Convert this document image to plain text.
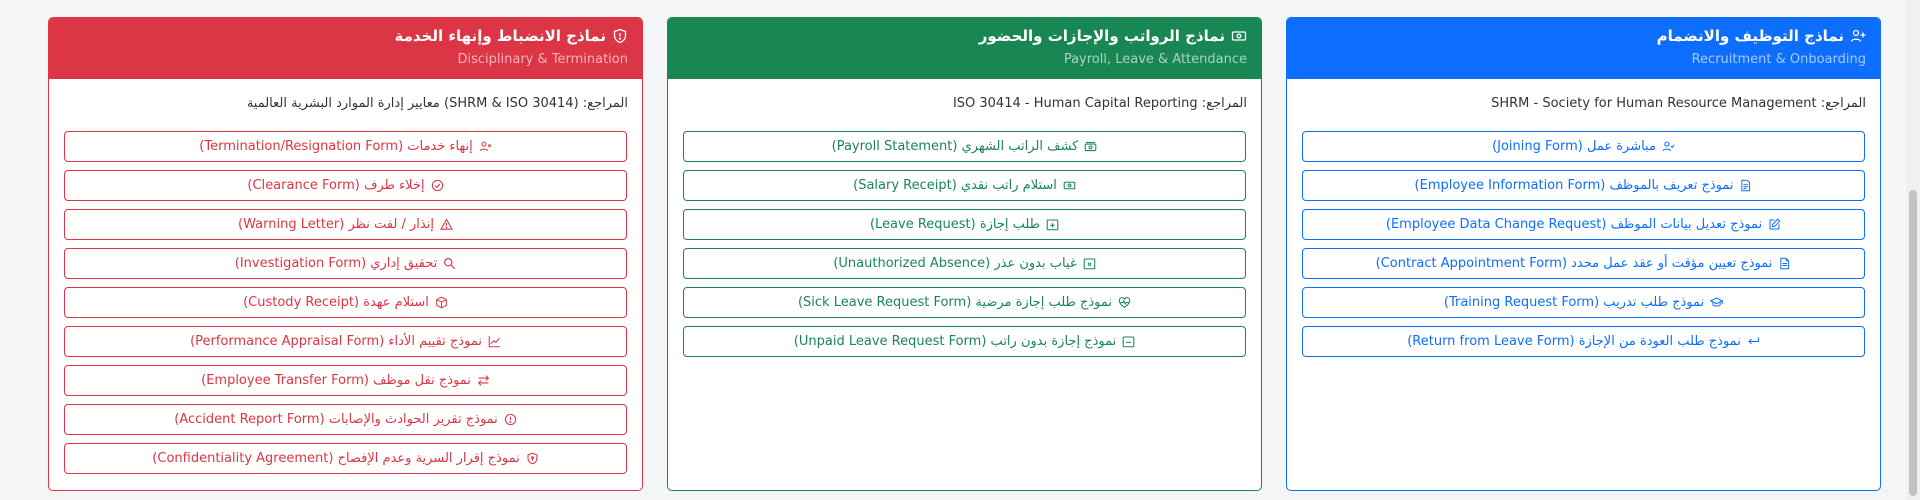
نماذج الانضباط وإنهاء الخدمة
Disciplinary & Termination
المراجع: معايير إدارة الموارد البشرية العالمية (SHRM & ISO 30414)
إنهاء خدمات (Termination/Resignation Form)
إخلاء طرف (Clearance Form)
إنذار / لفت نظر (Warning Letter)
تحقيق إداري (Investigation Form)
استلام عهدة (Custody Receipt)
نموذج تقييم الأداء (Performance Appraisal Form)
نموذج نقل موظف (Employee Transfer Form)
نموذج تقرير الحوادث والإصابات (Accident Report Form)
نموذج إقرار السرية وعدم الإفصاح (Confidentiality Agreement)
نماذج الرواتب والإجازات والحضور
Payroll, Leave & Attendance
المراجع: ISO 30414 - Human Capital Reporting
كشف الراتب الشهري (Payroll Statement)
استلام راتب نقدي (Salary Receipt)
طلب إجازة (Leave Request)
غياب بدون عذر (Unauthorized Absence)
نموذج طلب إجازة مرضية (Sick Leave Request Form)
نموذج إجازة بدون راتب (Unpaid Leave Request Form)
نماذج التوظيف والانضمام
Recruitment & Onboarding
المراجع: SHRM - Society for Human Resource Management
مباشرة عمل (Joining Form)
نموذج تعريف بالموظف (Employee Information Form)
نموذج تعديل بيانات الموظف (Employee Data Change Request)
نموذج تعيين مؤقت أو عقد عمل محدد (Contract Appointment Form)
نموذج طلب تدريب (Training Request Form)
نموذج طلب العودة من الإجازة (Return from Leave Form)
